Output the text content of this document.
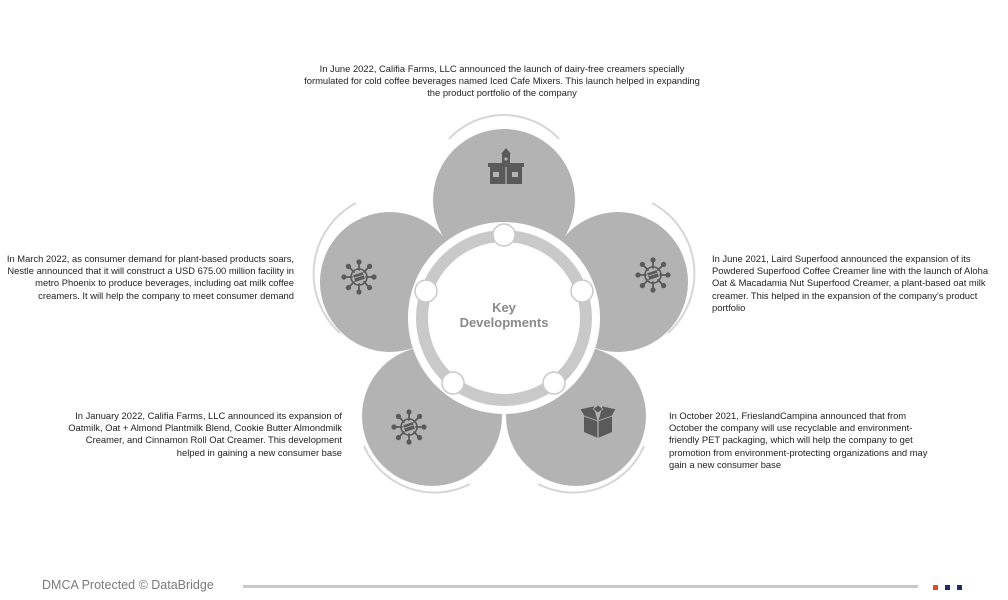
Key
Developments
In June 2022, Califia Farms, LLC announced the launch of dairy-free creamers specially formulated for cold coffee beverages named Iced Cafe Mixers. This launch helped in expanding the product portfolio of the company
In June 2021, Laird Superfood announced the expansion of its Powdered Superfood Coffee Creamer line with the launch of Aloha Oat & Macadamia Nut Superfood Creamer, a plant-based oat milk creamer. This helped in the expansion of the company's product portfolio
In October 2021, FrieslandCampina announced that from October the company will use recyclable and environment-friendly PET packaging, which will help the company to get promotion from environment-protecting organizations and may gain a new consumer base
In January 2022, Califia Farms, LLC announced its expansion of Oatmilk, Oat + Almond Plantmilk Blend, Cookie Butter Almondmilk Creamer, and Cinnamon Roll Oat Creamer. This development helped in gaining a new consumer base
In March 2022, as consumer demand for plant-based products soars, Nestle announced that it will construct a USD 675.00 million facility in metro Phoenix to produce beverages, including oat milk coffee creamers. It will help the company to meet consumer demand
DMCA Protected © DataBridge
